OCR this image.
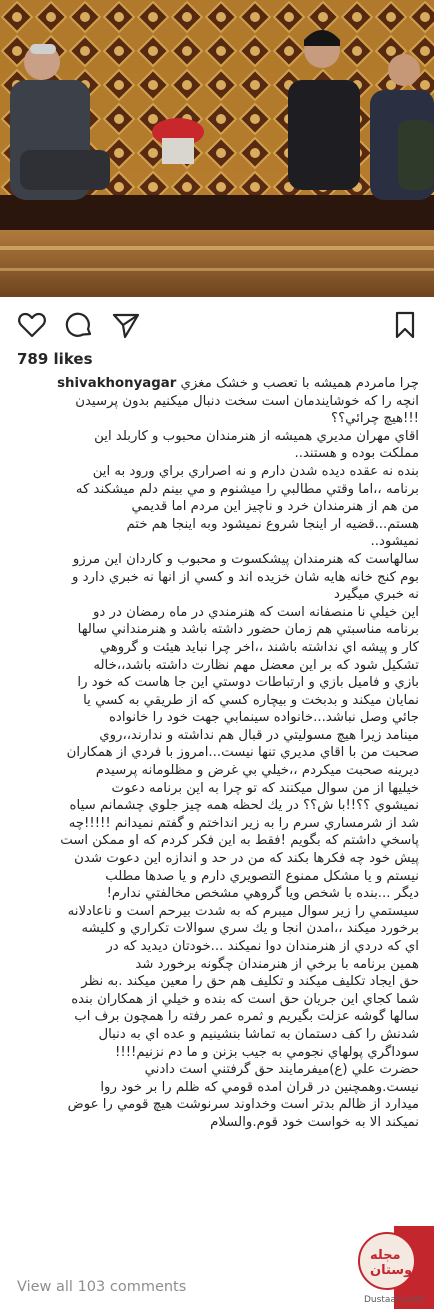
789 likes

چرا مامردم همیشه با تعصب و خشک مغزي shivakhonyagar

انچه را که خوشایندمان است سخت دنبال میکنیم بدون پرسیدن

!!!هیچ چرائي؟؟

اقاي مهران مديري هميشه از هنرمندان محبوب و كاربلد اين

مملكت بوده و هستند..

بنده نه عقده ديده شدن دارم و نه اصراري براي ورود به اين

برنامه ،،اما وقتي مطالبي را ميشنوم و مي بينم دلم ميشكند كه

من هم از هنرمندان خرد و ناچيز اين مردم اما قديمي

هستم...قضيه ار اينجا شروع نميشود وبه اينجا هم ختم

نميشود..

سالهاست كه هنرمندان پيشكسوت و محبوب و كاردان اين مرزو

بوم كنج خانه هايه شان خزيده اند و كسي از انها نه خبري دارد و

نه خبري ميگيرد

اين خيلي نا منصفانه است كه هنرمندي در ماه رمضان در دو

برنامه مناسبتي هم زمان حضور داشته باشد و هنرمنداني سالها

كار و پيشه اي نداشته باشند ،،اخر چرا نبايد هيئت و گروهي

تشكيل شود كه بر اين معضل مهم نظارت داشته باشد،،خاله

بازي و فاميل بازي و ارتباطات دوستي اين جا هاست كه خود را

نمايان ميكند و بدبخت و بيچاره كسي كه از طريقي به كسي يا

جائي وصل نباشد...خانواده سينمابي جهت خود را خانواده

مينامد زيرا هيچ مسوليتي در قبال هم نداشته و ندارند،،روي

صحبت من با اقاي مديري تنها نيست...امروز با فردي از همكاران

ديرينه صحبت ميكردم ،،خيلي بي غرض و مظلومانه پرسيدم

خيليها از من سوال ميكنند كه تو چرا به اين برنامه دعوت

نميشوي ؟؟!!با ش؟؟ در يك لحظه همه چيز جلوي چشمانم سياه

شد از شرمساري سرم را به زير انداختم و گفتم نميدانم !!!!!چه

پاسخي داشتم كه بگويم !فقط به اين فكر كردم كه او ممكن است

پيش خود چه فكرها بكند كه من در حد و اندازه اين دعوت شدن

نيستم و يا مشكل ممنوع التصويري دارم و يا صدها مطلب

ديگر ...بنده با شخص ويا گروهي مشخص مخالفتي ندارم!

سيستمي را زير سوال ميبرم كه به شدت بيرحم است و ناعادلانه

برخورد ميكند ،،امدن انجا و يك سري سوالات تكراري و كليشه

اي كه دردي از هنرمندان دوا نميكند ...خودتان ديديد كه در

همين برنامه با برخي از هنرمندان چگونه برخورد شد

حق ايجاد تكليف ميكند و تكليف هم حق را معين ميكند .به نظر

شما كجاي اين جريان حق است كه بنده و خيلي از همكاران بنده

سالها گوشه عزلت بگيريم و ثمره عمر رفته را همچون برف اب

شدنش را كف دستمان به تماشا بنشينيم و عده اي به دنبال

سوداگري پولهاي نجومي به جيب بزنن و ما دم نزنيم!!!!

حضرت علي (ع)ميفرمايند حق گرفتني است دادني

نيست.وهمچنين در قران امده قومي كه ظلم را بر خود روا

ميدارد از ظالم بدتر است وخداوند سرنوشت هيچ قومي را عوض

نميكند الا به خواست خود قوم.والسلام

View all 103 comments
مجله دوستان
Dustaan.com
